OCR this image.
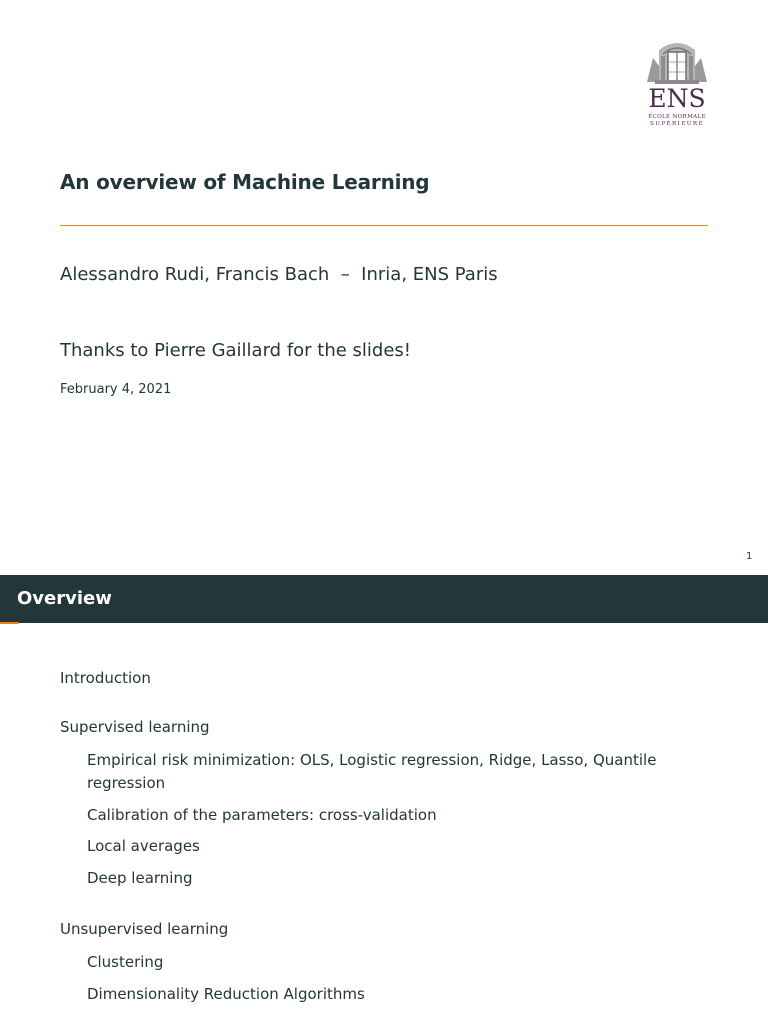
ENS
ÉCOLE NORMALE
SUPÉRIEURE
An overview of Machine Learning
Alessandro Rudi, Francis Bach  –  Inria, ENS Paris
Thanks to Pierre Gaillard for the slides!
February 4, 2021
1
Overview
Introduction
Supervised learning
Empirical risk minimization: OLS, Logistic regression, Ridge, Lasso, Quantile regression
Calibration of the parameters: cross-validation
Local averages
Deep learning
Unsupervised learning
Clustering
Dimensionality Reduction Algorithms
